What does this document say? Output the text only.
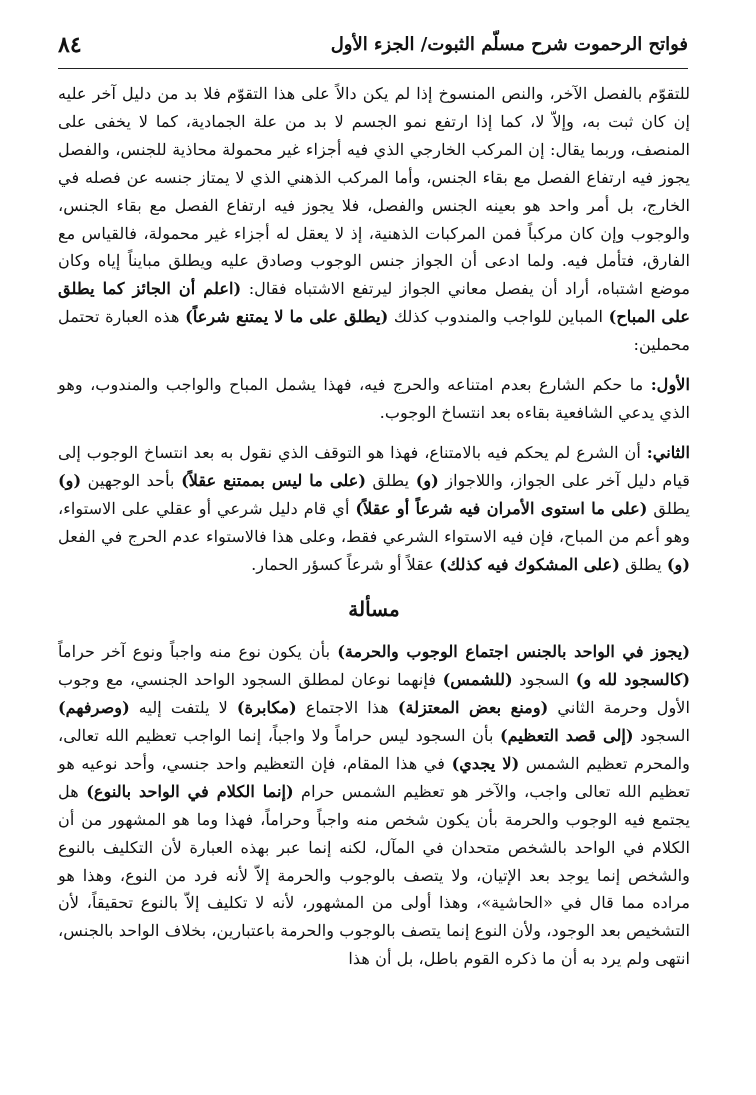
فواتح الرحموت شرح مسلّم الثبوت/ الجزء الأول
٨٤

للتقوّم بالفصل الآخر، والنص المنسوخ إذا لم يكن دالاً على هذا التقوّم فلا بد من دليل آخر عليه إن كان ثبت به، وإلاّ لا، كما إذا ارتفع نمو الجسم لا بد من علة الجمادية، كما لا يخفى على المنصف، وربما يقال: إن المركب الخارجي الذي فيه أجزاء غير محمولة محاذية للجنس، والفصل يجوز فيه ارتفاع الفصل مع بقاء الجنس، وأما المركب الذهني الذي لا يمتاز جنسه عن فصله في الخارج، بل أمر واحد هو بعينه الجنس والفصل، فلا يجوز فيه ارتفاع الفصل مع بقاء الجنس، والوجوب وإن كان مركباً فمن المركبات الذهنية، إذ لا يعقل له أجزاء غير محمولة، فالقياس مع الفارق، فتأمل فيه. ولما ادعى أن الجواز جنس الوجوب وصادق عليه ويطلق مبايناً إياه وكان موضع اشتباه، أراد أن يفصل معاني الجواز ليرتفع الاشتباه فقال: (اعلم أن الجائز كما يطلق على المباح) المباين للواجب والمندوب كذلك (يطلق على ما لا يمتنع شرعاً) هذه العبارة تحتمل محملين:

الأول: ما حكم الشارع بعدم امتناعه والحرج فيه، فهذا يشمل المباح والواجب والمندوب، وهو الذي يدعي الشافعية بقاءه بعد انتساخ الوجوب.

الثاني: أن الشرع لم يحكم فيه بالامتناع، فهذا هو التوقف الذي نقول به بعد انتساخ الوجوب إلى قيام دليل آخر على الجواز، واللاجواز (و) يطلق (على ما ليس بممتنع عقلاً) بأحد الوجهين (و) يطلق (على ما استوى الأمران فيه شرعاً أو عقلاً) أي قام دليل شرعي أو عقلي على الاستواء، وهو أعم من المباح، فإن فيه الاستواء الشرعي فقط، وعلى هذا فالاستواء عدم الحرج في الفعل (و) يطلق (على المشكوك فيه كذلك) عقلاً أو شرعاً كسؤر الحمار.

مسألة

(يجوز في الواحد بالجنس اجتماع الوجوب والحرمة) بأن يكون نوع منه واجباً ونوع آخر حراماً (كالسجود لله و) السجود (للشمس) فإنهما نوعان لمطلق السجود الواحد الجنسي، مع وجوب الأول وحرمة الثاني (ومنع بعض المعتزلة) هذا الاجتماع (مكابرة) لا يلتفت إليه (وصرفهم) السجود (إلى قصد التعظيم) بأن السجود ليس حراماً ولا واجباً، إنما الواجب تعظيم الله تعالى، والمحرم تعظيم الشمس (لا يجدي) في هذا المقام، فإن التعظيم واحد جنسي، وأحد نوعيه هو تعظيم الله تعالى واجب، والآخر هو تعظيم الشمس حرام (إنما الكلام في الواحد بالنوع) هل يجتمع فيه الوجوب والحرمة بأن يكون شخص منه واجباً وحراماً، فهذا وما هو المشهور من أن الكلام في الواحد بالشخص متحدان في المآل، لكنه إنما عبر بهذه العبارة لأن التكليف بالنوع والشخص إنما يوجد بعد الإتيان، ولا يتصف بالوجوب والحرمة إلاّ لأنه فرد من النوع، وهذا هو مراده مما قال في «الحاشية»، وهذا أولى من المشهور، لأنه لا تكليف إلاّ بالنوع تحقيقاً، لأن التشخيص بعد الوجود، ولأن النوع إنما يتصف بالوجوب والحرمة باعتبارين، بخلاف الواحد بالجنس، انتهى ولم يرد به أن ما ذكره القوم باطل، بل أن هذا
